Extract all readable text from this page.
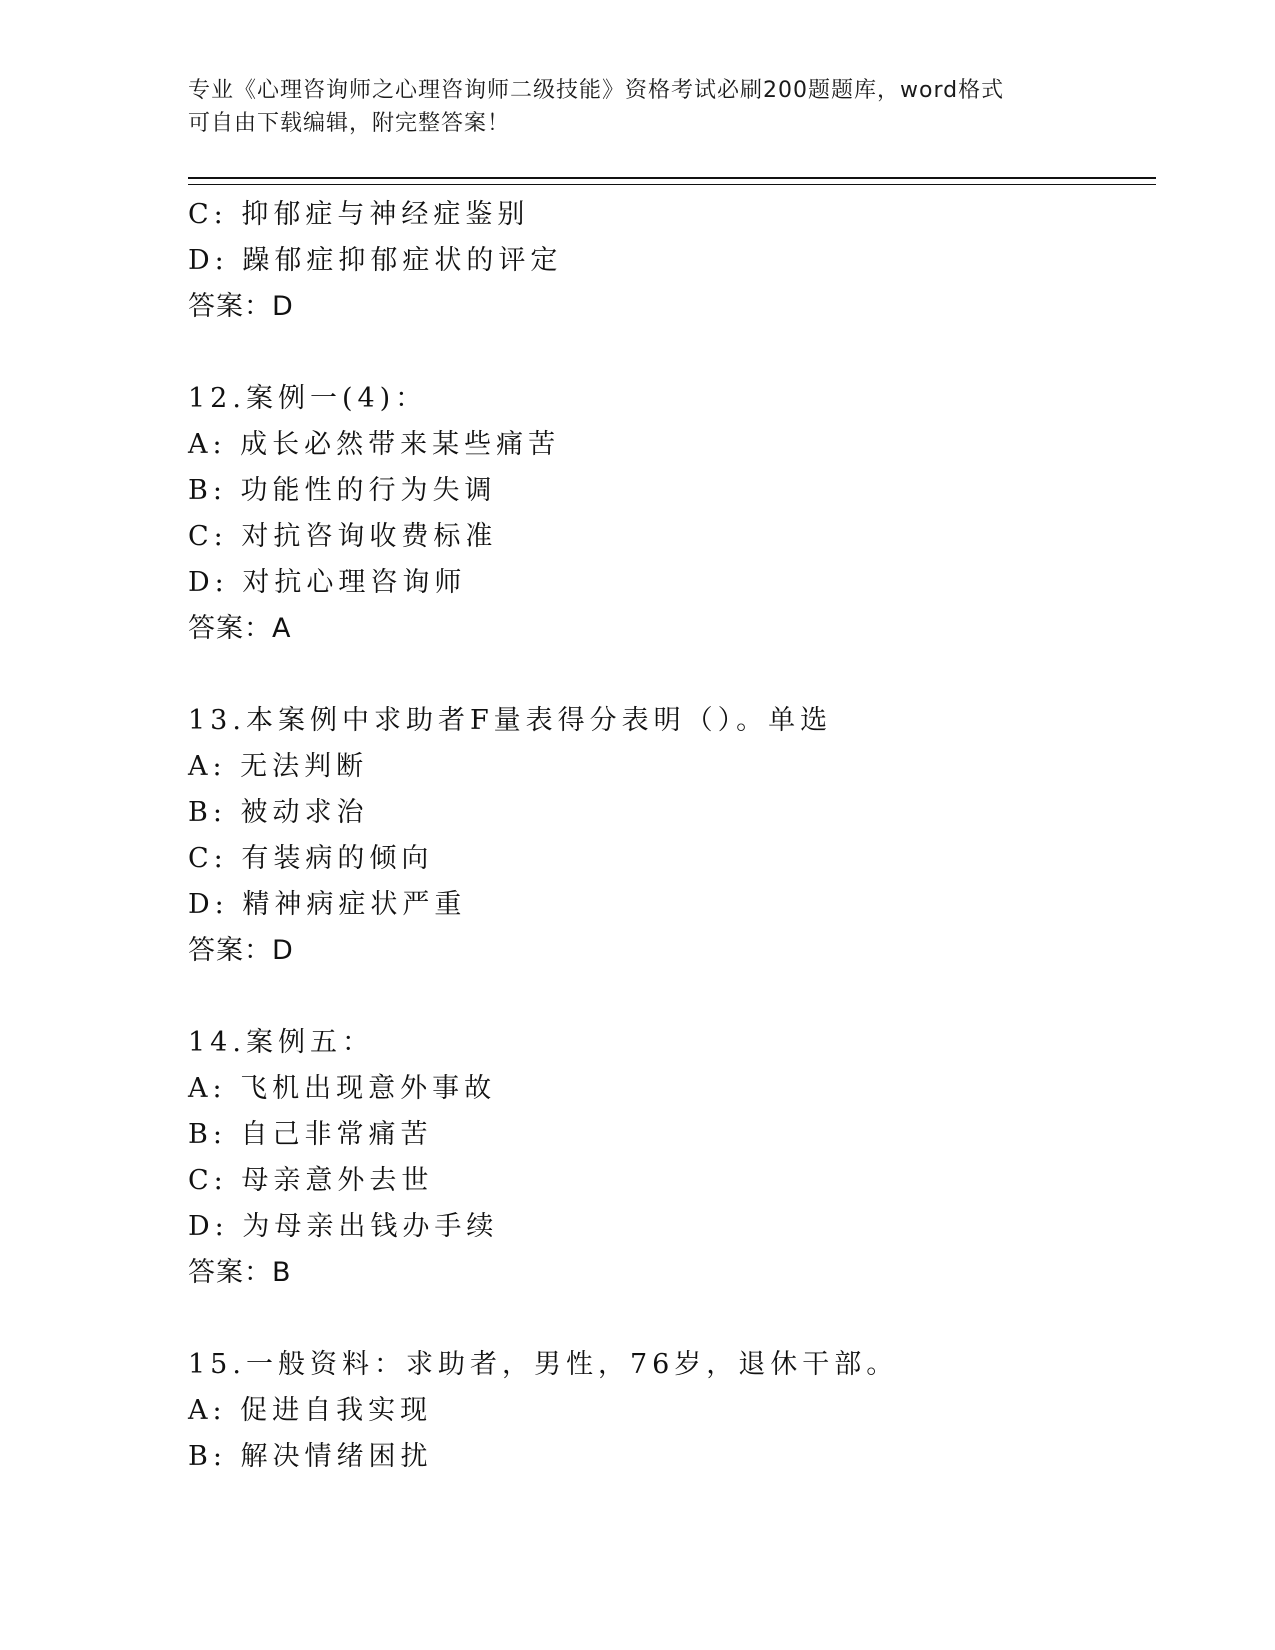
专业《心理咨询师之心理咨询师二级技能》资格考试必刷200题题库，word格式
可自由下载编辑，附完整答案！
C: 抑郁症与神经症鉴别
D: 躁郁症抑郁症状的评定
答案：D
12.案例一(4)：
A: 成长必然带来某些痛苦
B: 功能性的行为失调
C: 对抗咨询收费标准
D: 对抗心理咨询师
答案：A
13.本案例中求助者F量表得分表明（）。单选
A: 无法判断
B: 被动求治
C: 有装病的倾向
D: 精神病症状严重
答案：D
14.案例五：
A: 飞机出现意外事故
B: 自己非常痛苦
C: 母亲意外去世
D: 为母亲出钱办手续
答案：B
15.一般资料：求助者，男性，76岁，退休干部。
A: 促进自我实现
B: 解决情绪困扰
